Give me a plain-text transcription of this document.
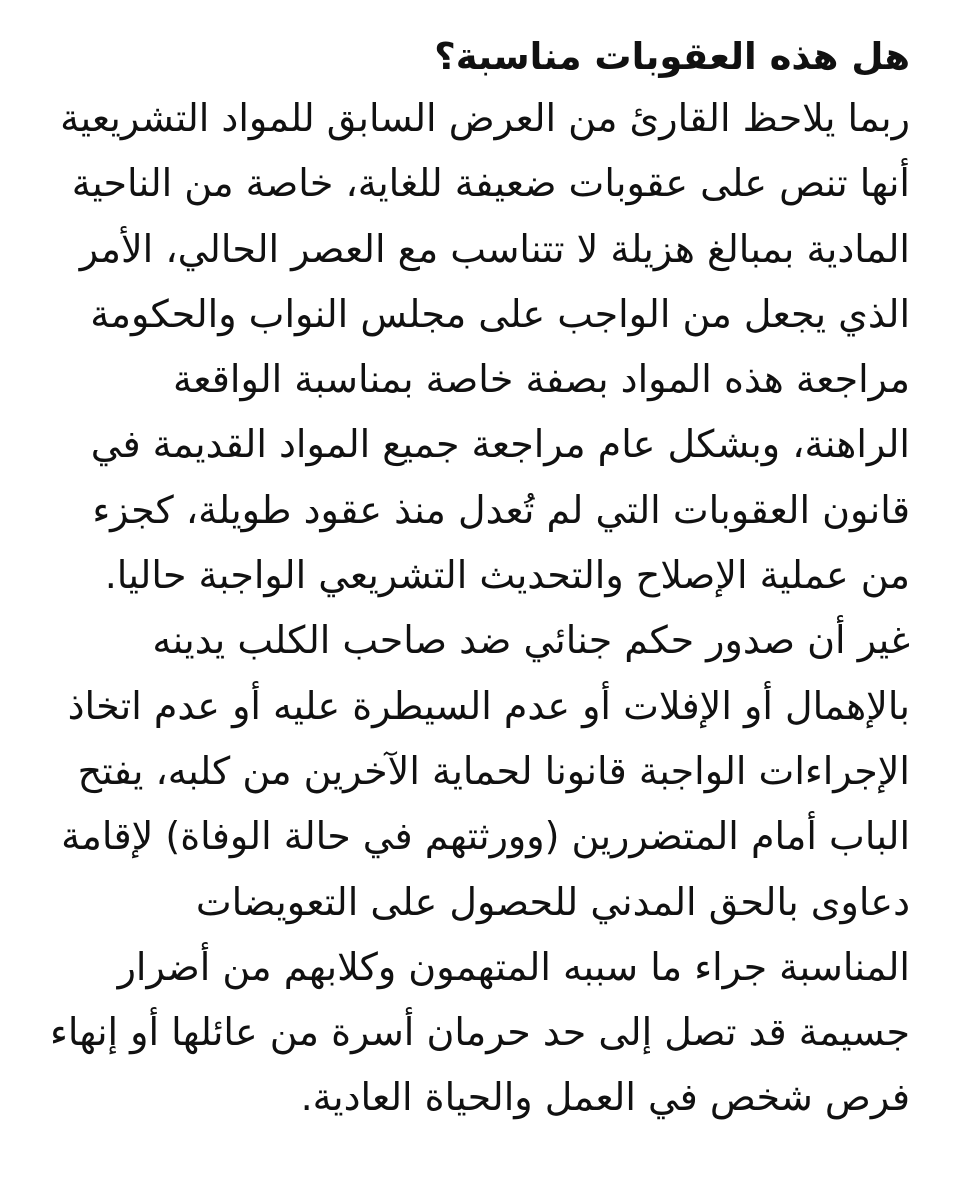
هل هذه العقوبات مناسبة؟
ربما يلاحظ القارئ من العرض السابق للمواد التشريعية
أنها تنص على عقوبات ضعيفة للغاية، خاصة من الناحية
المادية بمبالغ هزيلة لا تتناسب مع العصر الحالي، الأمر
الذي يجعل من الواجب على مجلس النواب والحكومة
مراجعة هذه المواد بصفة خاصة بمناسبة الواقعة
الراهنة، وبشكل عام مراجعة جميع المواد القديمة في
قانون العقوبات التي لم تُعدل منذ عقود طويلة، كجزء
من عملية الإصلاح والتحديث التشريعي الواجبة حاليا.
غير أن صدور حكم جنائي ضد صاحب الكلب يدينه
بالإهمال أو الإفلات أو عدم السيطرة عليه أو عدم اتخاذ
الإجراءات الواجبة قانونا لحماية الآخرين من كلبه، يفتح
الباب أمام المتضررين (وورثتهم في حالة الوفاة) لإقامة
دعاوى بالحق المدني للحصول على التعويضات
المناسبة جراء ما سببه المتهمون وكلابهم من أضرار
جسيمة قد تصل إلى حد حرمان أسرة من عائلها أو إنهاء
فرص شخص في العمل والحياة العادية.
